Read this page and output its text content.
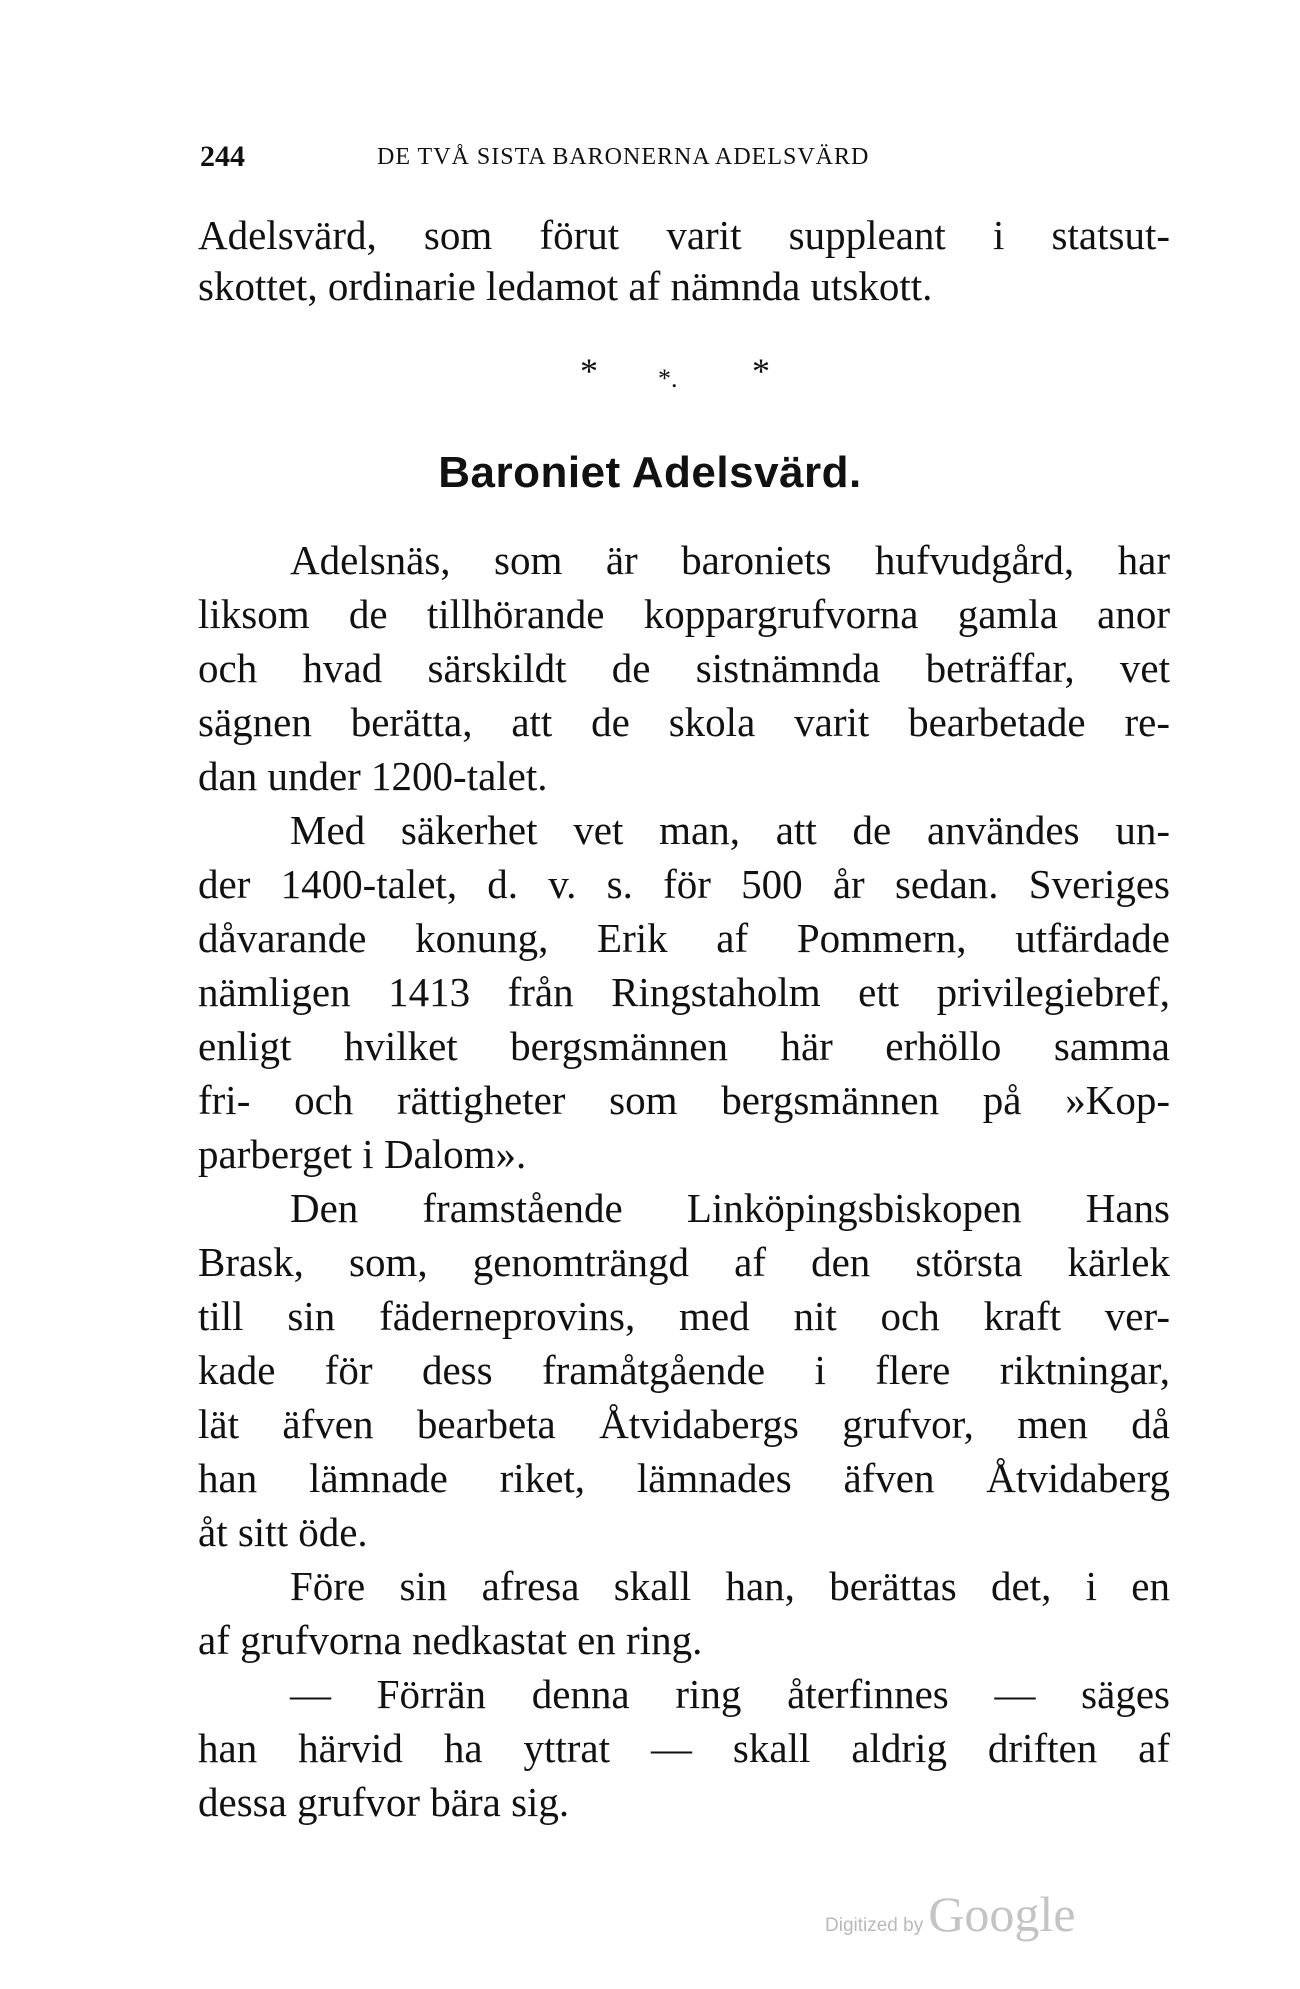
244	DE TVÅ SISTA BARONERNA ADELSVÄRD
Adelsvärd, som förut varit suppleant i statsut-
skottet, ordinarie ledamot af nämnda utskott.
* *. *
Baroniet Adelsvärd.
Adelsnäs, som är baroniets hufvudgård, har
liksom de tillhörande koppargrufvorna gamla anor
och hvad särskildt de sistnämnda beträffar, vet
sägnen berätta, att de skola varit bearbetade re-
dan under 1200-talet.
Med säkerhet vet man, att de användes un-
der 1400-talet, d. v. s. för 500 år sedan. Sveriges
dåvarande konung, Erik af Pommern, utfärdade
nämligen 1413 från Ringstaholm ett privilegiebref,
enligt hvilket bergsmännen här erhöllo samma
fri- och rättigheter som bergsmännen på »Kop-
parberget i Dalom».
Den framstående Linköpingsbiskopen Hans
Brask, som, genomträngd af den största kärlek
till sin fäderneprovins, med nit och kraft ver-
kade för dess framåtgående i flere riktningar,
lät äfven bearbeta Åtvidabergs grufvor, men då
han lämnade riket, lämnades äfven Åtvidaberg
åt sitt öde.
Före sin afresa skall han, berättas det, i en
af grufvorna nedkastat en ring.
— Förrän denna ring återfinnes — säges
han härvid ha yttrat — skall aldrig driften af
dessa grufvor bära sig.
Digitized by Google
